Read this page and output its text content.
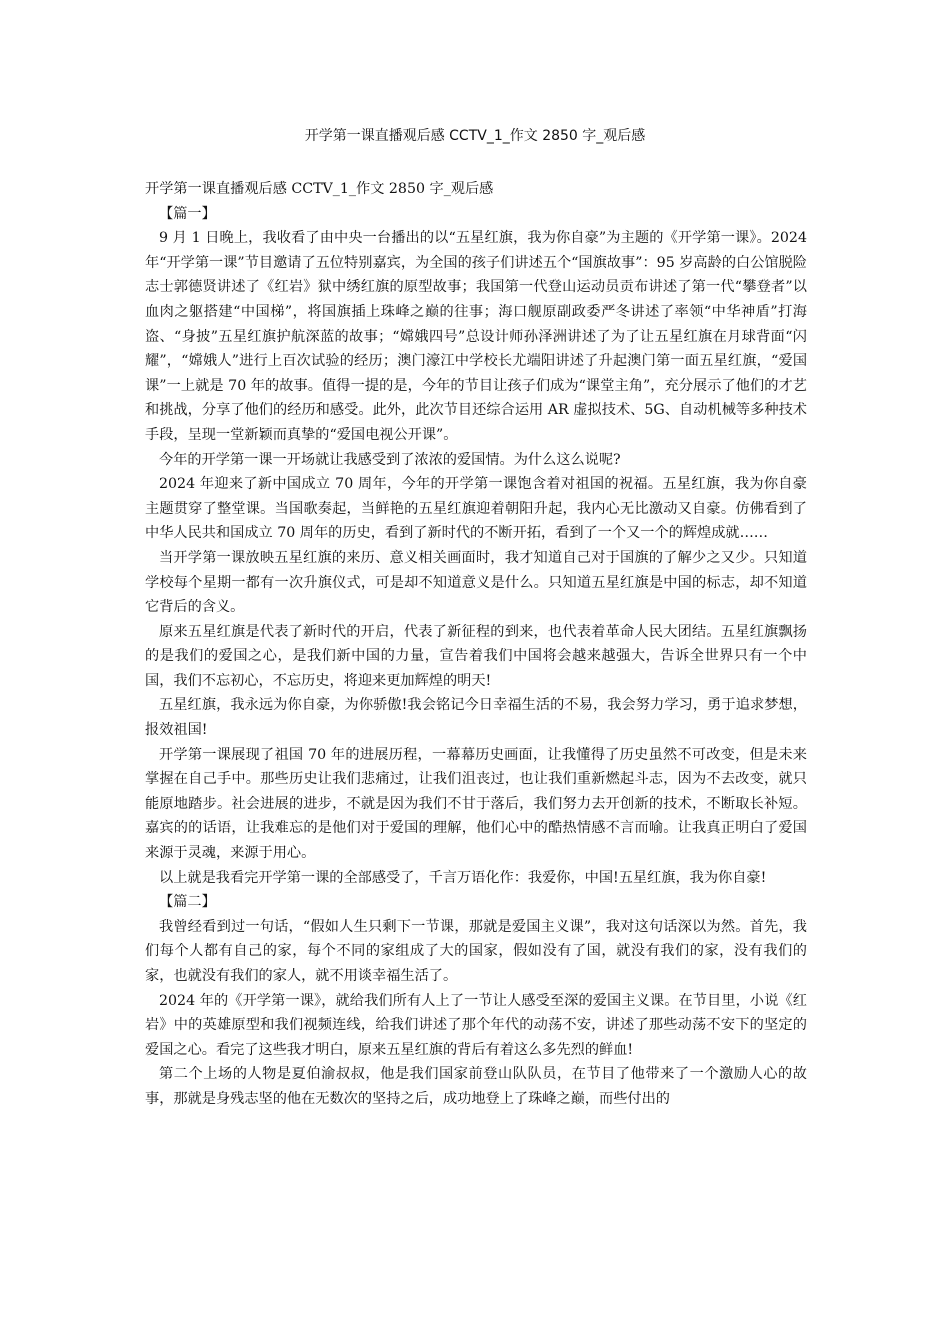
开学第一课直播观后感 CCTV_1_作文 2850 字_观后感

开学第一课直播观后感 CCTV_1_作文 2850 字_观后感

【篇一】

9 月 1 日晚上，我收看了由中央一台播出的以“五星红旗，我为你自豪”为主题的《开学第一课》。2024 年“开学第一课”节目邀请了五位特别嘉宾，为全国的孩子们讲述五个“国旗故事”：95 岁高龄的白公馆脱险志士郭德贤讲述了《红岩》狱中绣红旗的原型故事；我国第一代登山运动员贡布讲述了第一代“攀登者”以血肉之躯搭建“中国梯”，将国旗插上珠峰之巅的往事；海口舰原副政委严冬讲述了率领“中华神盾”打海盗、“身披”五星红旗护航深蓝的故事；“嫦娥四号”总设计师孙泽洲讲述了为了让五星红旗在月球背面“闪耀”，“嫦娥人”进行上百次试验的经历；澳门濠江中学校长尤端阳讲述了升起澳门第一面五星红旗，“爱国课”一上就是 70 年的故事。值得一提的是，今年的节目让孩子们成为“课堂主角”，充分展示了他们的才艺和挑战，分享了他们的经历和感受。此外，此次节目还综合运用 AR 虚拟技术、5G、自动机械等多种技术手段，呈现一堂新颖而真挚的“爱国电视公开课”。

今年的开学第一课一开场就让我感受到了浓浓的爱国情。为什么这么说呢?

2024 年迎来了新中国成立 70 周年，今年的开学第一课饱含着对祖国的祝福。五星红旗，我为你自豪主题贯穿了整堂课。当国歌奏起，当鲜艳的五星红旗迎着朝阳升起，我内心无比激动又自豪。仿佛看到了中华人民共和国成立 70 周年的历史，看到了新时代的不断开拓，看到了一个又一个的辉煌成就……

当开学第一课放映五星红旗的来历、意义相关画面时，我才知道自己对于国旗的了解少之又少。只知道学校每个星期一都有一次升旗仪式，可是却不知道意义是什么。只知道五星红旗是中国的标志，却不知道它背后的含义。

原来五星红旗是代表了新时代的开启，代表了新征程的到来，也代表着革命人民大团结。五星红旗飘扬的是我们的爱国之心，是我们新中国的力量，宣告着我们中国将会越来越强大，告诉全世界只有一个中国，我们不忘初心，不忘历史，将迎来更加辉煌的明天!

五星红旗，我永远为你自豪，为你骄傲!我会铭记今日幸福生活的不易，我会努力学习，勇于追求梦想，报效祖国!

开学第一课展现了祖国 70 年的进展历程，一幕幕历史画面，让我懂得了历史虽然不可改变，但是未来掌握在自己手中。那些历史让我们悲痛过，让我们沮丧过，也让我们重新燃起斗志，因为不去改变，就只能原地踏步。社会进展的进步，不就是因为我们不甘于落后，我们努力去开创新的技术，不断取长补短。嘉宾的的话语，让我难忘的是他们对于爱国的理解，他们心中的酷热情感不言而喻。让我真正明白了爱国来源于灵魂，来源于用心。

以上就是我看完开学第一课的全部感受了，千言万语化作：我爱你，中国!五星红旗，我为你自豪!

【篇二】

我曾经看到过一句话，“假如人生只剩下一节课，那就是爱国主义课”，我对这句话深以为然。首先，我们每个人都有自己的家，每个不同的家组成了大的国家，假如没有了国，就没有我们的家，没有我们的家，也就没有我们的家人，就不用谈幸福生活了。

2024 年的《开学第一课》，就给我们所有人上了一节让人感受至深的爱国主义课。在节目里，小说《红岩》中的英雄原型和我们视频连线，给我们讲述了那个年代的动荡不安，讲述了那些动荡不安下的坚定的爱国之心。看完了这些我才明白，原来五星红旗的背后有着这么多先烈的鲜血!

第二个上场的人物是夏伯渝叔叔，他是我们国家前登山队队员，在节目了他带来了一个激励人心的故事，那就是身残志坚的他在无数次的坚持之后，成功地登上了珠峰之巅，而些付出的
